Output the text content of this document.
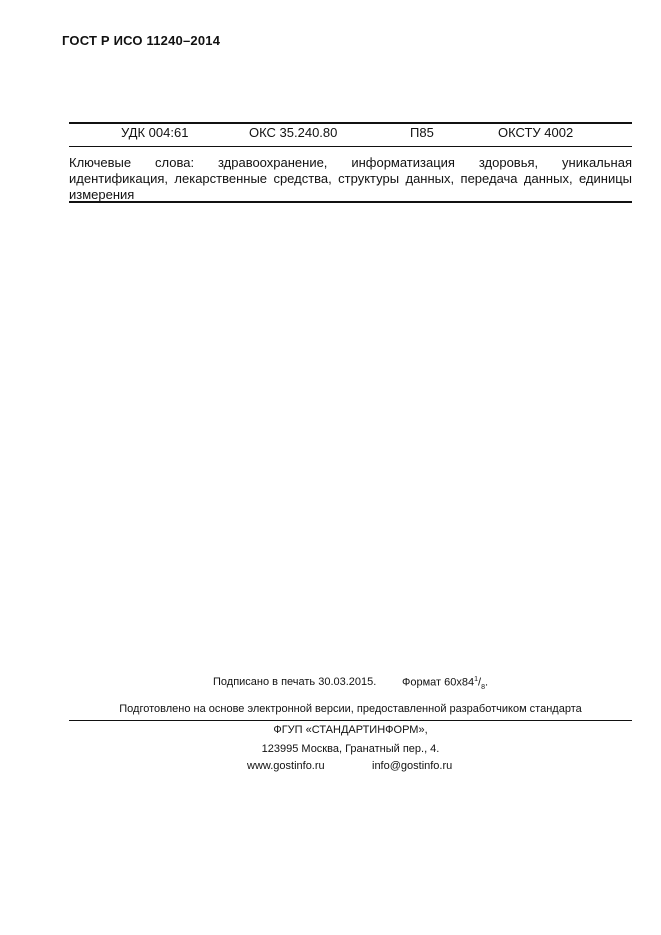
ГОСТ Р ИСО 11240–2014
УДК 004:61	ОКС 35.240.80	П85	ОКСТУ 4002
Ключевые слова: здравоохранение, информатизация здоровья, уникальная идентификация, лекарственные средства, структуры данных, передача данных, единицы измерения
Подписано в печать 30.03.2015. Формат $60x84^1/_8$.
Подготовлено на основе электронной версии, предоставленной разработчиком стандарта
ФГУП «СТАНДАРТИНФОРМ»,
123995 Москва, Гранатный пер., 4.
www.gostinfo.ru	info@gostinfo.ru
